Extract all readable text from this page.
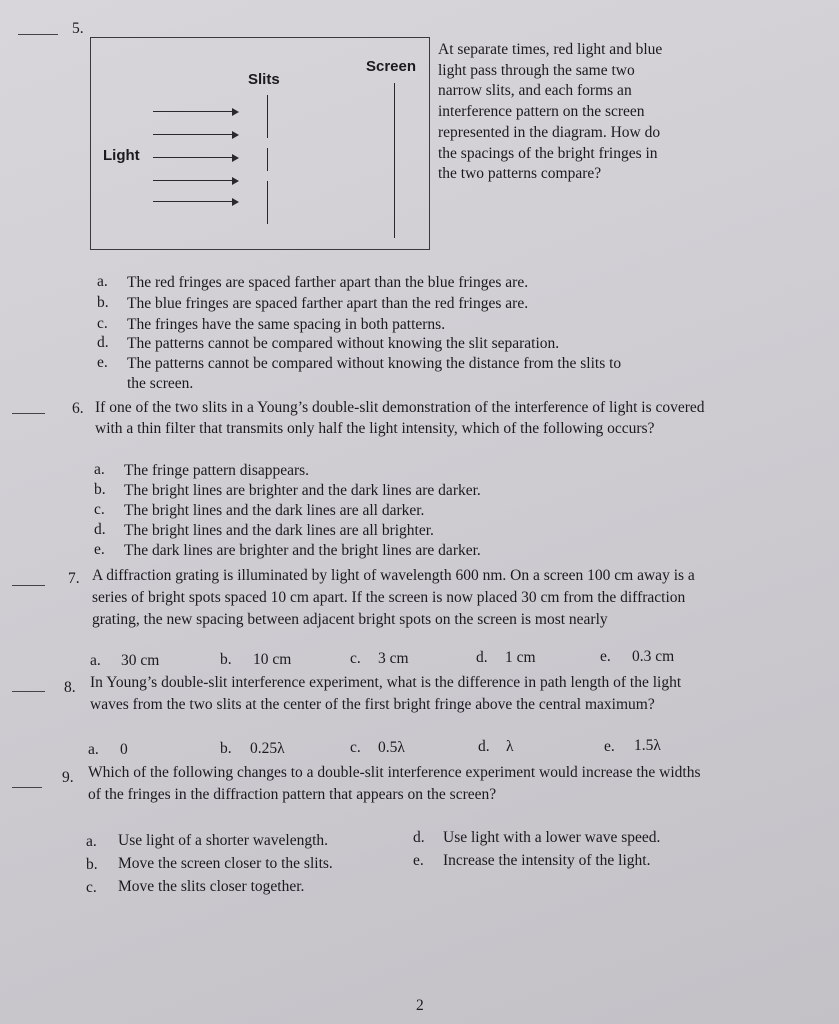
5.
Slits
Screen
Light
At separate times, red light and blue
light pass through the same two
narrow slits, and each forms an
interference pattern on the screen
represented in the diagram. How do
the spacings of the bright fringes in
the two patterns compare?
a. The red fringes are spaced farther apart than the blue fringes are.
b. The blue fringes are spaced farther apart than the red fringes are.
c. The fringes have the same spacing in both patterns.
d. The patterns cannot be compared without knowing the slit separation.
e. The patterns cannot be compared without knowing the distance from the slits to
the screen.
6. If one of the two slits in a Young’s double-slit demonstration of the interference of light is covered
with a thin filter that transmits only half the light intensity, which of the following occurs?
a. The fringe pattern disappears.
b. The bright lines are brighter and the dark lines are darker.
c. The bright lines and the dark lines are all darker.
d. The bright lines and the dark lines are all brighter.
e. The dark lines are brighter and the bright lines are darker.
7. A diffraction grating is illuminated by light of wavelength 600 nm. On a screen 100 cm away is a
series of bright spots spaced 10 cm apart. If the screen is now placed 30 cm from the diffraction
grating, the new spacing between adjacent bright spots on the screen is most nearly
a. 30 cm	b. 10 cm	c. 3 cm	d. 1 cm	e. 0.3 cm
8. In Young’s double-slit interference experiment, what is the difference in path length of the light
waves from the two slits at the center of the first bright fringe above the central maximum?
a. 0	b. 0.25λ	c. 0.5λ	d. λ	e. 1.5λ
9. Which of the following changes to a double-slit interference experiment would increase the widths
of the fringes in the diffraction pattern that appears on the screen?
a. Use light of a shorter wavelength.
b. Move the screen closer to the slits.
c. Move the slits closer together.
d. Use light with a lower wave speed.
e. Increase the intensity of the light.
2
